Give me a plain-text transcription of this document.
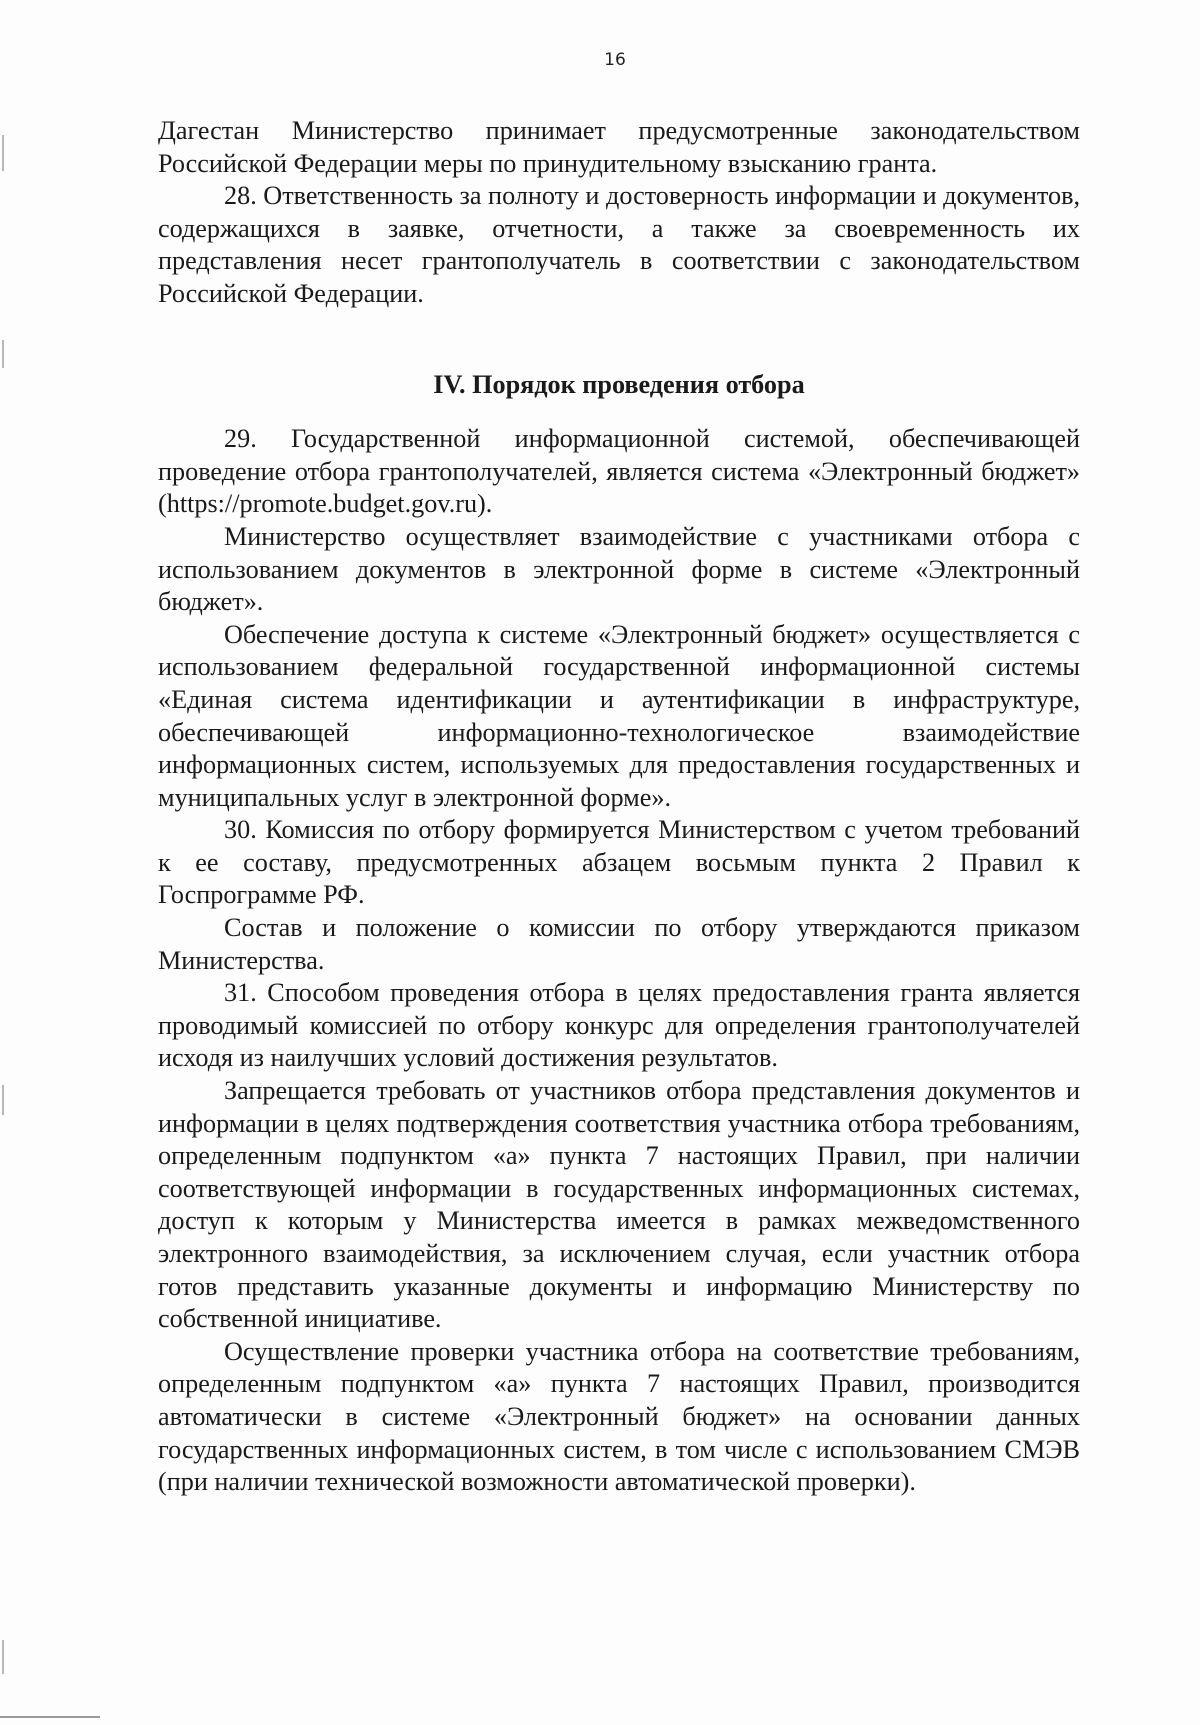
16

Дагестан Министерство принимает предусмотренные законодательством Российской Федерации меры по принудительному взысканию гранта.

28. Ответственность за полноту и достоверность информации и документов, содержащихся в заявке, отчетности, а также за своевременность их представления несет грантополучатель в соответствии с законодательством Российской Федерации.

IV. Порядок проведения отбора

29. Государственной информационной системой, обеспечивающей проведение отбора грантополучателей, является система «Электронный бюджет» (https://promote.budget.gov.ru).

Министерство осуществляет взаимодействие с участниками отбора с использованием документов в электронной форме в системе «Электронный бюджет».

Обеспечение доступа к системе «Электронный бюджет» осуществляется с использованием федеральной государственной информационной системы «Единая система идентификации и аутентификации в инфраструктуре, обеспечивающей информационно-технологическое взаимодействие информационных систем, используемых для предоставления государственных и муниципальных услуг в электронной форме».

30. Комиссия по отбору формируется Министерством с учетом требований к ее составу, предусмотренных абзацем восьмым пункта 2 Правил к Госпрограмме РФ.

Состав и положение о комиссии по отбору утверждаются приказом Министерства.

31. Способом проведения отбора в целях предоставления гранта является проводимый комиссией по отбору конкурс для определения грантополучателей исходя из наилучших условий достижения результатов.

Запрещается требовать от участников отбора представления документов и информации в целях подтверждения соответствия участника отбора требованиям, определенным подпунктом «а» пункта 7 настоящих Правил, при наличии соответствующей информации в государственных информационных системах, доступ к которым у Министерства имеется в рамках межведомственного электронного взаимодействия, за исключением случая, если участник отбора готов представить указанные документы и информацию Министерству по собственной инициативе.

Осуществление проверки участника отбора на соответствие требованиям, определенным подпунктом «а» пункта 7 настоящих Правил, производится автоматически в системе «Электронный бюджет» на основании данных государственных информационных систем, в том числе с использованием СМЭВ (при наличии технической возможности автоматической проверки).
